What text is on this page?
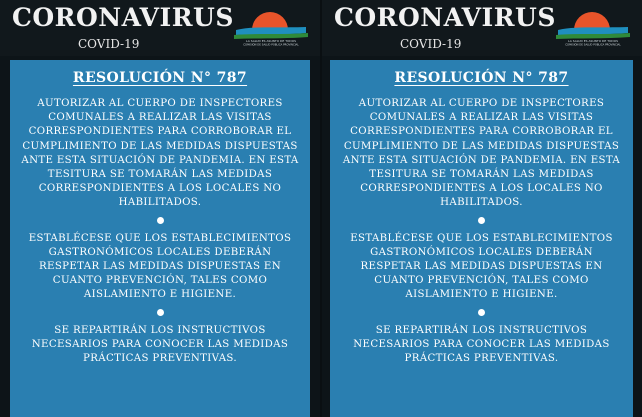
CORONAVIRUS
COVID-19	LA SALUD ES ASUNTO DE TODOS
COMISIÓN DE SALUD PÚBLICA PROVINCIAL
RESOLUCIÓN N° 787

AUTORIZAR AL CUERPO DE INSPECTORES COMUNALES A REALIZAR LAS VISITAS CORRESPONDIENTES PARA CORROBORAR EL CUMPLIMIENTO DE LAS MEDIDAS DISPUESTAS ANTE ESTA SITUACIÓN DE PANDEMIA. EN ESTA TESITURA SE TOMARÁN LAS MEDIDAS CORRESPONDIENTES A LOS LOCALES NO HABILITADOS.

ESTABLÉCESE QUE LOS ESTABLECIMIENTOS GASTRONÓMICOS LOCALES DEBERÁN RESPETAR LAS MEDIDAS DISPUESTAS EN CUANTO PREVENCIÓN, TALES COMO AISLAMIENTO E HIGIENE.

SE REPARTIRÁN LOS INSTRUCTIVOS NECESARIOS PARA CONOCER LAS MEDIDAS PRÁCTICAS PREVENTIVAS.

CORONAVIRUS
COVID-19	LA SALUD ES ASUNTO DE TODOS
COMISIÓN DE SALUD PÚBLICA PROVINCIAL
RESOLUCIÓN N° 787

AUTORIZAR AL CUERPO DE INSPECTORES COMUNALES A REALIZAR LAS VISITAS CORRESPONDIENTES PARA CORROBORAR EL CUMPLIMIENTO DE LAS MEDIDAS DISPUESTAS ANTE ESTA SITUACIÓN DE PANDEMIA. EN ESTA TESITURA SE TOMARÁN LAS MEDIDAS CORRESPONDIENTES A LOS LOCALES NO HABILITADOS.

ESTABLÉCESE QUE LOS ESTABLECIMIENTOS GASTRONÓMICOS LOCALES DEBERÁN RESPETAR LAS MEDIDAS DISPUESTAS EN CUANTO PREVENCIÓN, TALES COMO AISLAMIENTO E HIGIENE.

SE REPARTIRÁN LOS INSTRUCTIVOS NECESARIOS PARA CONOCER LAS MEDIDAS PRÁCTICAS PREVENTIVAS.
